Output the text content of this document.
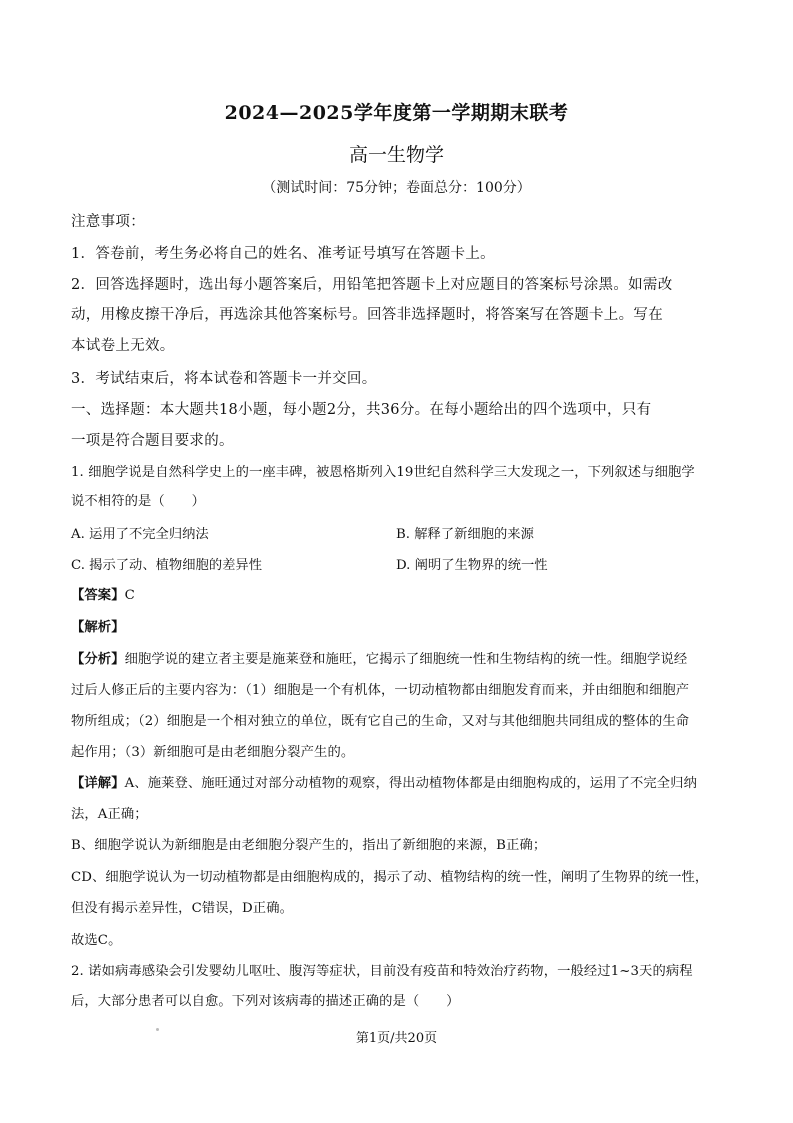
2024—2025学年度第一学期期末联考
高一生物学
（测试时间：75分钟；卷面总分：100分）
注意事项：
1．答卷前，考生务必将自己的姓名、准考证号填写在答题卡上。
2．回答选择题时，选出每小题答案后，用铅笔把答题卡上对应题目的答案标号涂黑。如需改
动，用橡皮擦干净后，再选涂其他答案标号。回答非选择题时，将答案写在答题卡上。写在
本试卷上无效。
3．考试结束后，将本试卷和答题卡一并交回。
一、选择题：本大题共18小题，每小题2分，共36分。在每小题给出的四个选项中，只有
一项是符合题目要求的。
1. 细胞学说是自然科学史上的一座丰碑，被恩格斯列入19世纪自然科学三大发现之一，下列叙述与细胞学
说不相符的是（　　）
A. 运用了不完全归纳法	B. 解释了新细胞的来源
C. 揭示了动、植物细胞的差异性	D. 阐明了生物界的统一性
【答案】C
【解析】
【分析】细胞学说的建立者主要是施莱登和施旺，它揭示了细胞统一性和生物结构的统一性。细胞学说经
过后人修正后的主要内容为：（1）细胞是一个有机体，一切动植物都由细胞发育而来，并由细胞和细胞产
物所组成；（2）细胞是一个相对独立的单位，既有它自己的生命，又对与其他细胞共同组成的整体的生命
起作用；（3）新细胞可是由老细胞分裂产生的。
【详解】A、施莱登、施旺通过对部分动植物的观察，得出动植物体都是由细胞构成的，运用了不完全归纳
法，A正确；
B、细胞学说认为新细胞是由老细胞分裂产生的，指出了新细胞的来源，B正确；
CD、细胞学说认为一切动植物都是由细胞构成的，揭示了动、植物结构的统一性，阐明了生物界的统一性，
但没有揭示差异性，C错误，D正确。
故选C。
2. 诺如病毒感染会引发婴幼儿呕吐、腹泻等症状，目前没有疫苗和特效治疗药物，一般经过1~3天的病程
后，大部分患者可以自愈。下列对该病毒的描述正确的是（　　）
第1页/共20页
